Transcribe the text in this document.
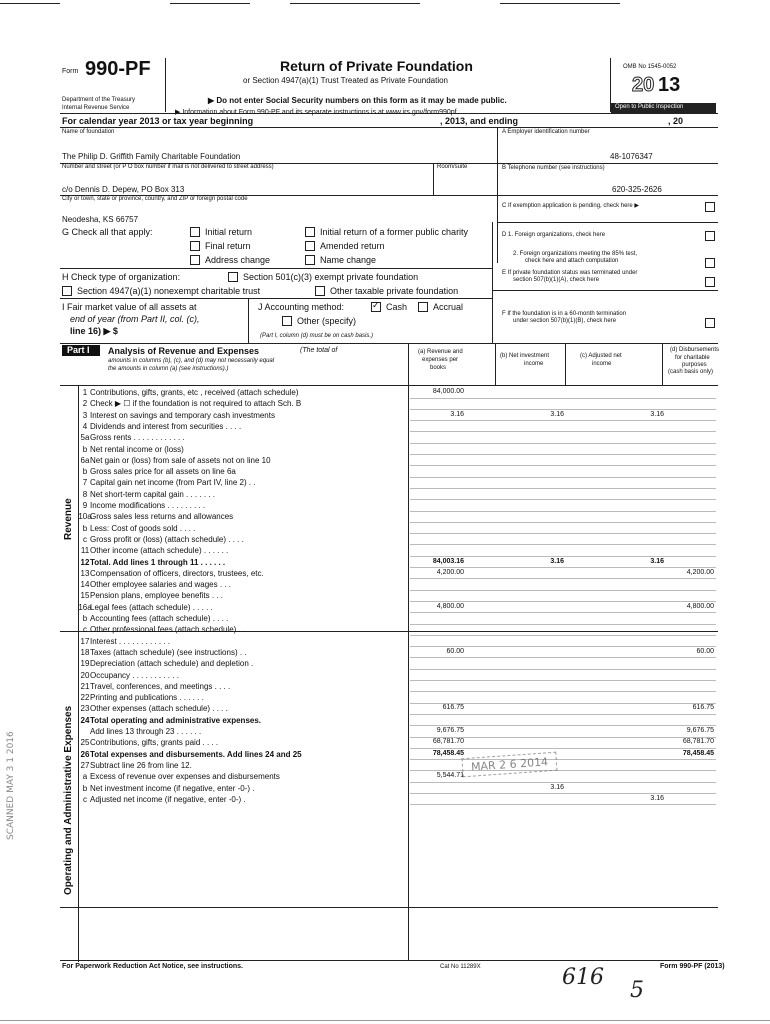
Form 990-PF
Department of the Treasury
Internal Revenue Service
Return of Private Foundation
or Section 4947(a)(1) Trust Treated as Private Foundation
▶ Do not enter Social Security numbers on this form as it may be made public.
OMB No 1545-0052
20 13
Open to Public Inspection
For calendar year 2013 or tax year beginning	, 2013, and ending	, 20
Name of foundation
The Philip D. Griffith Family Charitable Foundation
Number and street (or P O box number if mail is not delivered to street address)	Room/suite
c/o Dennis D. Depew, PO Box 313
City or town, state or province, country, and ZIP or foreign postal code
Neodesha, KS 66757
A Employer identification number
48-1076347
B Telephone number (see instructions)
620-325-2626
C If exemption application is pending, check here ▶
G Check all that apply:	Initial return	Initial return of a former public charity
Final return	Amended return
Address change	Name change
D 1. Foreign organizations, check here
2. Foreign organizations meeting the 85% test,
check here and attach computation
E If private foundation status was terminated under
section 507(b)(1)(A), check here
F If the foundation is in a 60-month termination
under section 507(b)(1)(B), check here
H Check type of organization:	Section 501(c)(3) exempt private foundation
Section 4947(a)(1) nonexempt charitable trust	Other taxable private foundation
I Fair market value of all assets at
end of year (from Part II, col. (c),
line 16) ▶ $
J Accounting method:
✓	Cash	Accrual
Other (specify)
(Part I, column (d) must be on cash basis.)
Part I Analysis of Revenue and Expenses	(The total of
amounts in columns (b), (c), and (d) may not necessarily equal
the amounts in column (a) (see instructions).)
(a) Revenue and
expenses per
books
(b) Net investment
income
(c) Adjusted net
income
(d) Disbursements
for charitable
purposes
(cash basis only)
Revenue
Operating and Administrative Expenses
1 Contributions, gifts, grants, etc , received (attach schedule)	84,000.00
2 Check ▶ ☐ if the foundation is not required to attach Sch. B
3 Interest on savings and temporary cash investments	3.16	3.16	3.16
4 Dividends and interest from securities . . . .
5a Gross rents . . . . . . . . . . . .
b Net rental income or (loss)
6a Net gain or (loss) from sale of assets not on line 10
b Gross sales price for all assets on line 6a
7 Capital gain net income (from Part IV, line 2) . .
8 Net short-term capital gain . . . . . . .
9 Income modifications . . . . . . . . .
10a
Gross sales less returns and allowances
b Less: Cost of goods sold . . . .
c Gross profit or (loss) (attach schedule) . . . .
11 Other income (attach schedule) . . . . . .
12 Total. Add lines 1 through 11 . . . . . .	84,003.16	3.16	3.16
13 Compensation of officers, directors, trustees, etc.	4,200.00	4,200.00
14 Other employee salaries and wages . . .
15 Pension plans, employee benefits . . .
16a
Legal fees (attach schedule) . . . . .	4,800.00	4,800.00
b Accounting fees (attach schedule) . . . .
c Other professional fees (attach schedule) . .
17 Interest . . . . . . . . . . . .
18 Taxes (attach schedule) (see instructions) . .	60.00	60.00
19 Depreciation (attach schedule) and depletion .
20 Occupancy . . . . . . . . . . .
21 Travel, conferences, and meetings . . . .
22 Printing and publications . . . . . .
23 Other expenses (attach schedule) . . . .	616.75	616.75
24 Total operating and administrative expenses.
Add lines 13 through 23 . . . . . .	9,676.75	9,676.75
25 Contributions, gifts, grants paid . . . .	68,781.70	68,781.70
26 Total expenses and disbursements. Add lines 24 and 25	78,458.45	78,458.45
27 Subtract line 26 from line 12.
a Excess of revenue over expenses and disbursements	5,544.71
b Net investment income (if negative, enter -0-) .	3.16
c Adjusted net income (if negative, enter -0-) .	3.16
MAR 2 6 2014
SCANNED MAY 3 1 2016
For Paperwork Reduction Act Notice, see instructions.	Cat No 11289X	Form 990-PF (2013)
616
5
